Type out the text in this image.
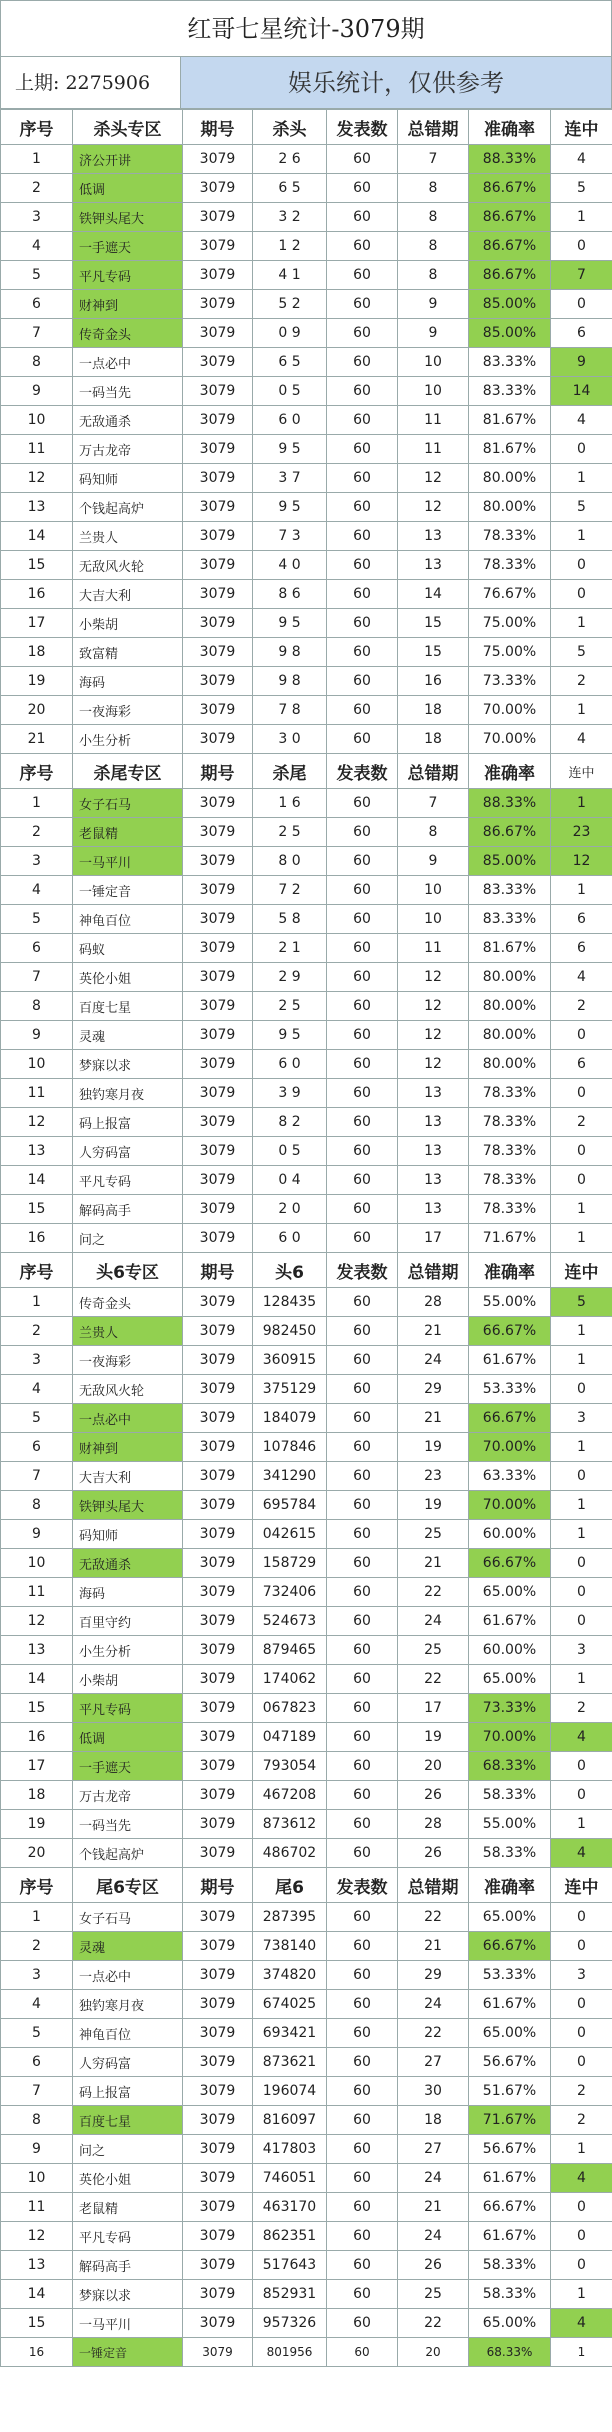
红哥七星统计-3079期
上期: 2275906	娱乐统计，仅供参考
序号	杀头专区	期号	杀头	发表数	总错期	准确率	连中
1	济公开讲	3079	2 6	60	7	88.33%	4
2	低调	3079	6 5	60	8	86.67%	5
3	铁钾头尾大	3079	3 2	60	8	86.67%	1
4	一手遮天	3079	1 2	60	8	86.67%	0
5	平凡专码	3079	4 1	60	8	86.67%	7
6	财神到	3079	5 2	60	9	85.00%	0
7	传奇金头	3079	0 9	60	9	85.00%	6
8	一点必中	3079	6 5	60	10	83.33%	9
9	一码当先	3079	0 5	60	10	83.33%	14
10	无敌通杀	3079	6 0	60	11	81.67%	4
11	万古龙帝	3079	9 5	60	11	81.67%	0
12	码知师	3079	3 7	60	12	80.00%	1
13	个钱起高炉	3079	9 5	60	12	80.00%	5
14	兰贵人	3079	7 3	60	13	78.33%	1
15	无敌风火轮	3079	4 0	60	13	78.33%	0
16	大吉大利	3079	8 6	60	14	76.67%	0
17	小柴胡	3079	9 5	60	15	75.00%	1
18	致富精	3079	9 8	60	15	75.00%	5
19	海码	3079	9 8	60	16	73.33%	2
20	一夜海彩	3079	7 8	60	18	70.00%	1
21	小生分析	3079	3 0	60	18	70.00%	4
序号	杀尾专区	期号	杀尾	发表数	总错期	准确率	连中
1	女子石马	3079	1 6	60	7	88.33%	1
2	老鼠精	3079	2 5	60	8	86.67%	23
3	一马平川	3079	8 0	60	9	85.00%	12
4	一锤定音	3079	7 2	60	10	83.33%	1
5	神龟百位	3079	5 8	60	10	83.33%	6
6	码蚁	3079	2 1	60	11	81.67%	6
7	英伦小姐	3079	2 9	60	12	80.00%	4
8	百度七星	3079	2 5	60	12	80.00%	2
9	灵魂	3079	9 5	60	12	80.00%	0
10	梦寐以求	3079	6 0	60	12	80.00%	6
11	独钓寒月夜	3079	3 9	60	13	78.33%	0
12	码上报富	3079	8 2	60	13	78.33%	2
13	人穷码富	3079	0 5	60	13	78.33%	0
14	平凡专码	3079	0 4	60	13	78.33%	0
15	解码高手	3079	2 0	60	13	78.33%	1
16	问之	3079	6 0	60	17	71.67%	1
序号	头6专区	期号	头6	发表数	总错期	准确率	连中
1	传奇金头	3079	128435	60	28	55.00%	5
2	兰贵人	3079	982450	60	21	66.67%	1
3	一夜海彩	3079	360915	60	24	61.67%	1
4	无敌风火轮	3079	375129	60	29	53.33%	0
5	一点必中	3079	184079	60	21	66.67%	3
6	财神到	3079	107846	60	19	70.00%	1
7	大吉大利	3079	341290	60	23	63.33%	0
8	铁钾头尾大	3079	695784	60	19	70.00%	1
9	码知师	3079	042615	60	25	60.00%	1
10	无敌通杀	3079	158729	60	21	66.67%	0
11	海码	3079	732406	60	22	65.00%	0
12	百里守约	3079	524673	60	24	61.67%	0
13	小生分析	3079	879465	60	25	60.00%	3
14	小柴胡	3079	174062	60	22	65.00%	1
15	平凡专码	3079	067823	60	17	73.33%	2
16	低调	3079	047189	60	19	70.00%	4
17	一手遮天	3079	793054	60	20	68.33%	0
18	万古龙帝	3079	467208	60	26	58.33%	0
19	一码当先	3079	873612	60	28	55.00%	1
20	个钱起高炉	3079	486702	60	26	58.33%	4
序号	尾6专区	期号	尾6	发表数	总错期	准确率	连中
1	女子石马	3079	287395	60	22	65.00%	0
2	灵魂	3079	738140	60	21	66.67%	0
3	一点必中	3079	374820	60	29	53.33%	3
4	独钓寒月夜	3079	674025	60	24	61.67%	0
5	神龟百位	3079	693421	60	22	65.00%	0
6	人穷码富	3079	873621	60	27	56.67%	0
7	码上报富	3079	196074	60	30	51.67%	2
8	百度七星	3079	816097	60	18	71.67%	2
9	问之	3079	417803	60	27	56.67%	1
10	英伦小姐	3079	746051	60	24	61.67%	4
11	老鼠精	3079	463170	60	21	66.67%	0
12	平凡专码	3079	862351	60	24	61.67%	0
13	解码高手	3079	517643	60	26	58.33%	0
14	梦寐以求	3079	852931	60	25	58.33%	1
15	一马平川	3079	957326	60	22	65.00%	4
16	一锤定音	3079	801956	60	20	68.33%	1
